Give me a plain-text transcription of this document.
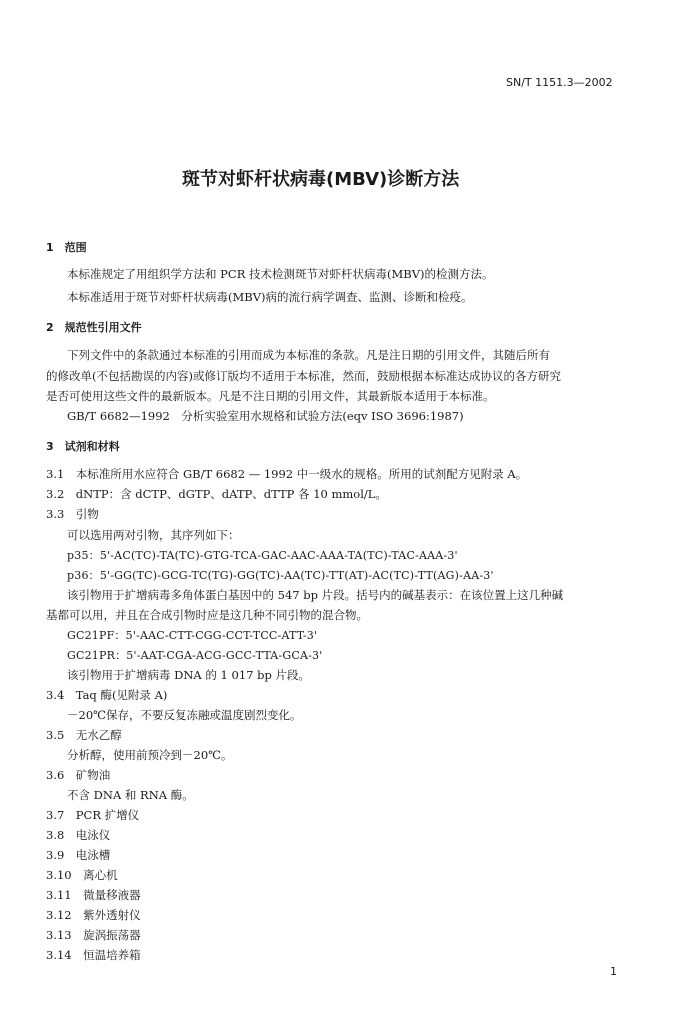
SN/T 1151.3—2002
斑节对虾杆状病毒(MBV)诊断方法
1　范围
本标准规定了用组织学方法和 PCR 技术检测斑节对虾杆状病毒(MBV)的检测方法。
本标准适用于斑节对虾杆状病毒(MBV)病的流行病学调查、监测、诊断和检疫。
2　规范性引用文件
下列文件中的条款通过本标准的引用而成为本标准的条款。凡是注日期的引用文件，其随后所有
的修改单(不包括勘误的内容)或修订版均不适用于本标准，然而，鼓励根据本标准达成协议的各方研究
是否可使用这些文件的最新版本。凡是不注日期的引用文件，其最新版本适用于本标准。
GB/T 6682—1992　分析实验室用水规格和试验方法(eqv ISO 3696:1987)
3　试剂和材料
3.1　本标准所用水应符合 GB/T 6682 — 1992 中一级水的规格。所用的试剂配方见附录 A。
3.2　dNTP：含 dCTP、dGTP、dATP、dTTP 各 10 mmol/L。
3.3　引物
可以选用两对引物，其序列如下：
p35：5'-AC(TC)-TA(TC)-GTG-TCA-GAC-AAC-AAA-TA(TC)-TAC-AAA-3'
p36：5'-GG(TC)-GCG-TC(TG)-GG(TC)-AA(TC)-TT(AT)-AC(TC)-TT(AG)-AA-3'
该引物用于扩增病毒多角体蛋白基因中的 547 bp 片段。括号内的碱基表示：在该位置上这几种碱
基都可以用，并且在合成引物时应是这几种不同引物的混合物。
GC21PF：5'-AAC-CTT-CGG-CCT-TCC-ATT-3'
GC21PR：5'-AAT-CGA-ACG-GCC-TTA-GCA-3'
该引物用于扩增病毒 DNA 的 1 017 bp 片段。
3.4　Taq 酶(见附录 A)
－20℃保存，不要反复冻融或温度剧烈变化。
3.5　无水乙醇
分析醇，使用前预冷到－20℃。
3.6　矿物油
不含 DNA 和 RNA 酶。
3.7　PCR 扩增仪
3.8　电泳仪
3.9　电泳槽
3.10　离心机
3.11　微量移液器
3.12　紫外透射仪
3.13　旋涡振荡器
3.14　恒温培养箱
1
